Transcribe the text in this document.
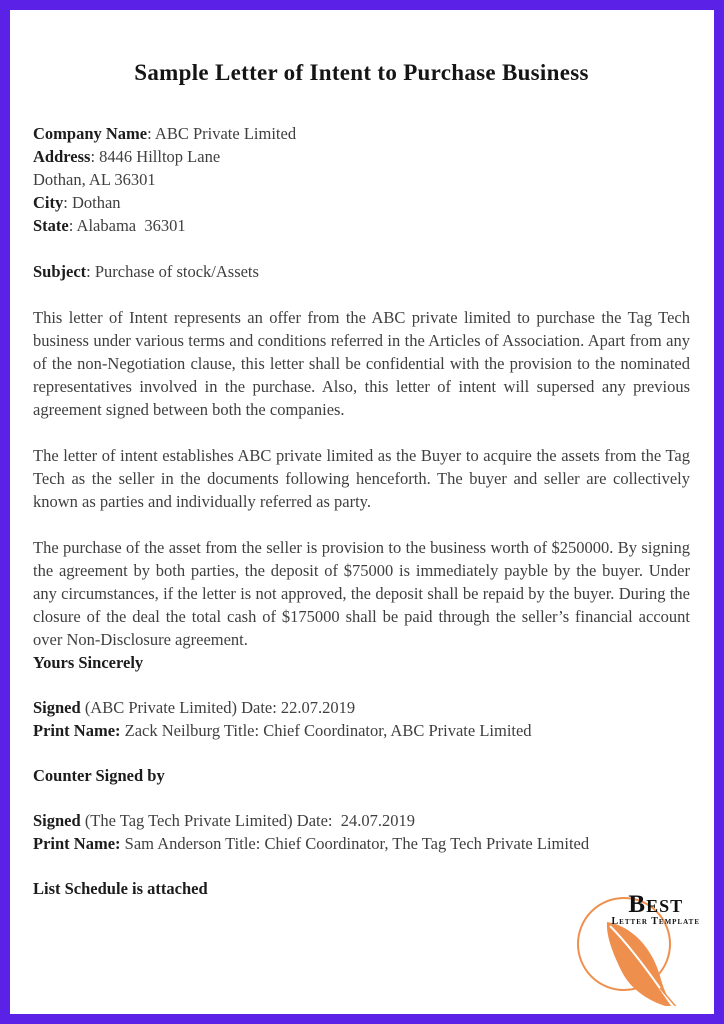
Sample Letter of Intent to Purchase Business

Company Name: ABC Private Limited

Address: 8446 Hilltop Lane

Dothan, AL 36301

City: Dothan

State: Alabama  36301

Subject: Purchase of stock/Assets

This letter of Intent represents an offer from the ABC private limited to purchase the Tag Tech business under various terms and conditions referred in the Articles of Association. Apart from any of the non-Negotiation clause, this letter shall be confidential with the provision to the nominated representatives involved in the purchase. Also, this letter of intent will supersed any previous agreement signed between both the companies.

The letter of intent establishes ABC private limited as the Buyer to acquire the assets from the Tag Tech as the seller in the documents following henceforth. The buyer and seller are collectively known as parties and individually referred as party.

The purchase of the asset from the seller is provision to the business worth of $250000. By signing the agreement by both parties, the deposit of $75000 is immediately payble by the buyer. Under any circumstances, if the letter is not approved, the deposit shall be repaid by the buyer. During the closure of the deal the total cash of $175000 shall be paid through the seller’s financial account over Non-Disclosure agreement.

Yours Sincerely

Signed (ABC Private Limited) Date: 22.07.2019

Print Name: Zack Neilburg Title: Chief Coordinator, ABC Private Limited

Counter Signed by

Signed (The Tag Tech Private Limited) Date:  24.07.2019

Print Name: Sam Anderson Title: Chief Coordinator, The Tag Tech Private Limited

List Schedule is attached

Best
Letter Template
